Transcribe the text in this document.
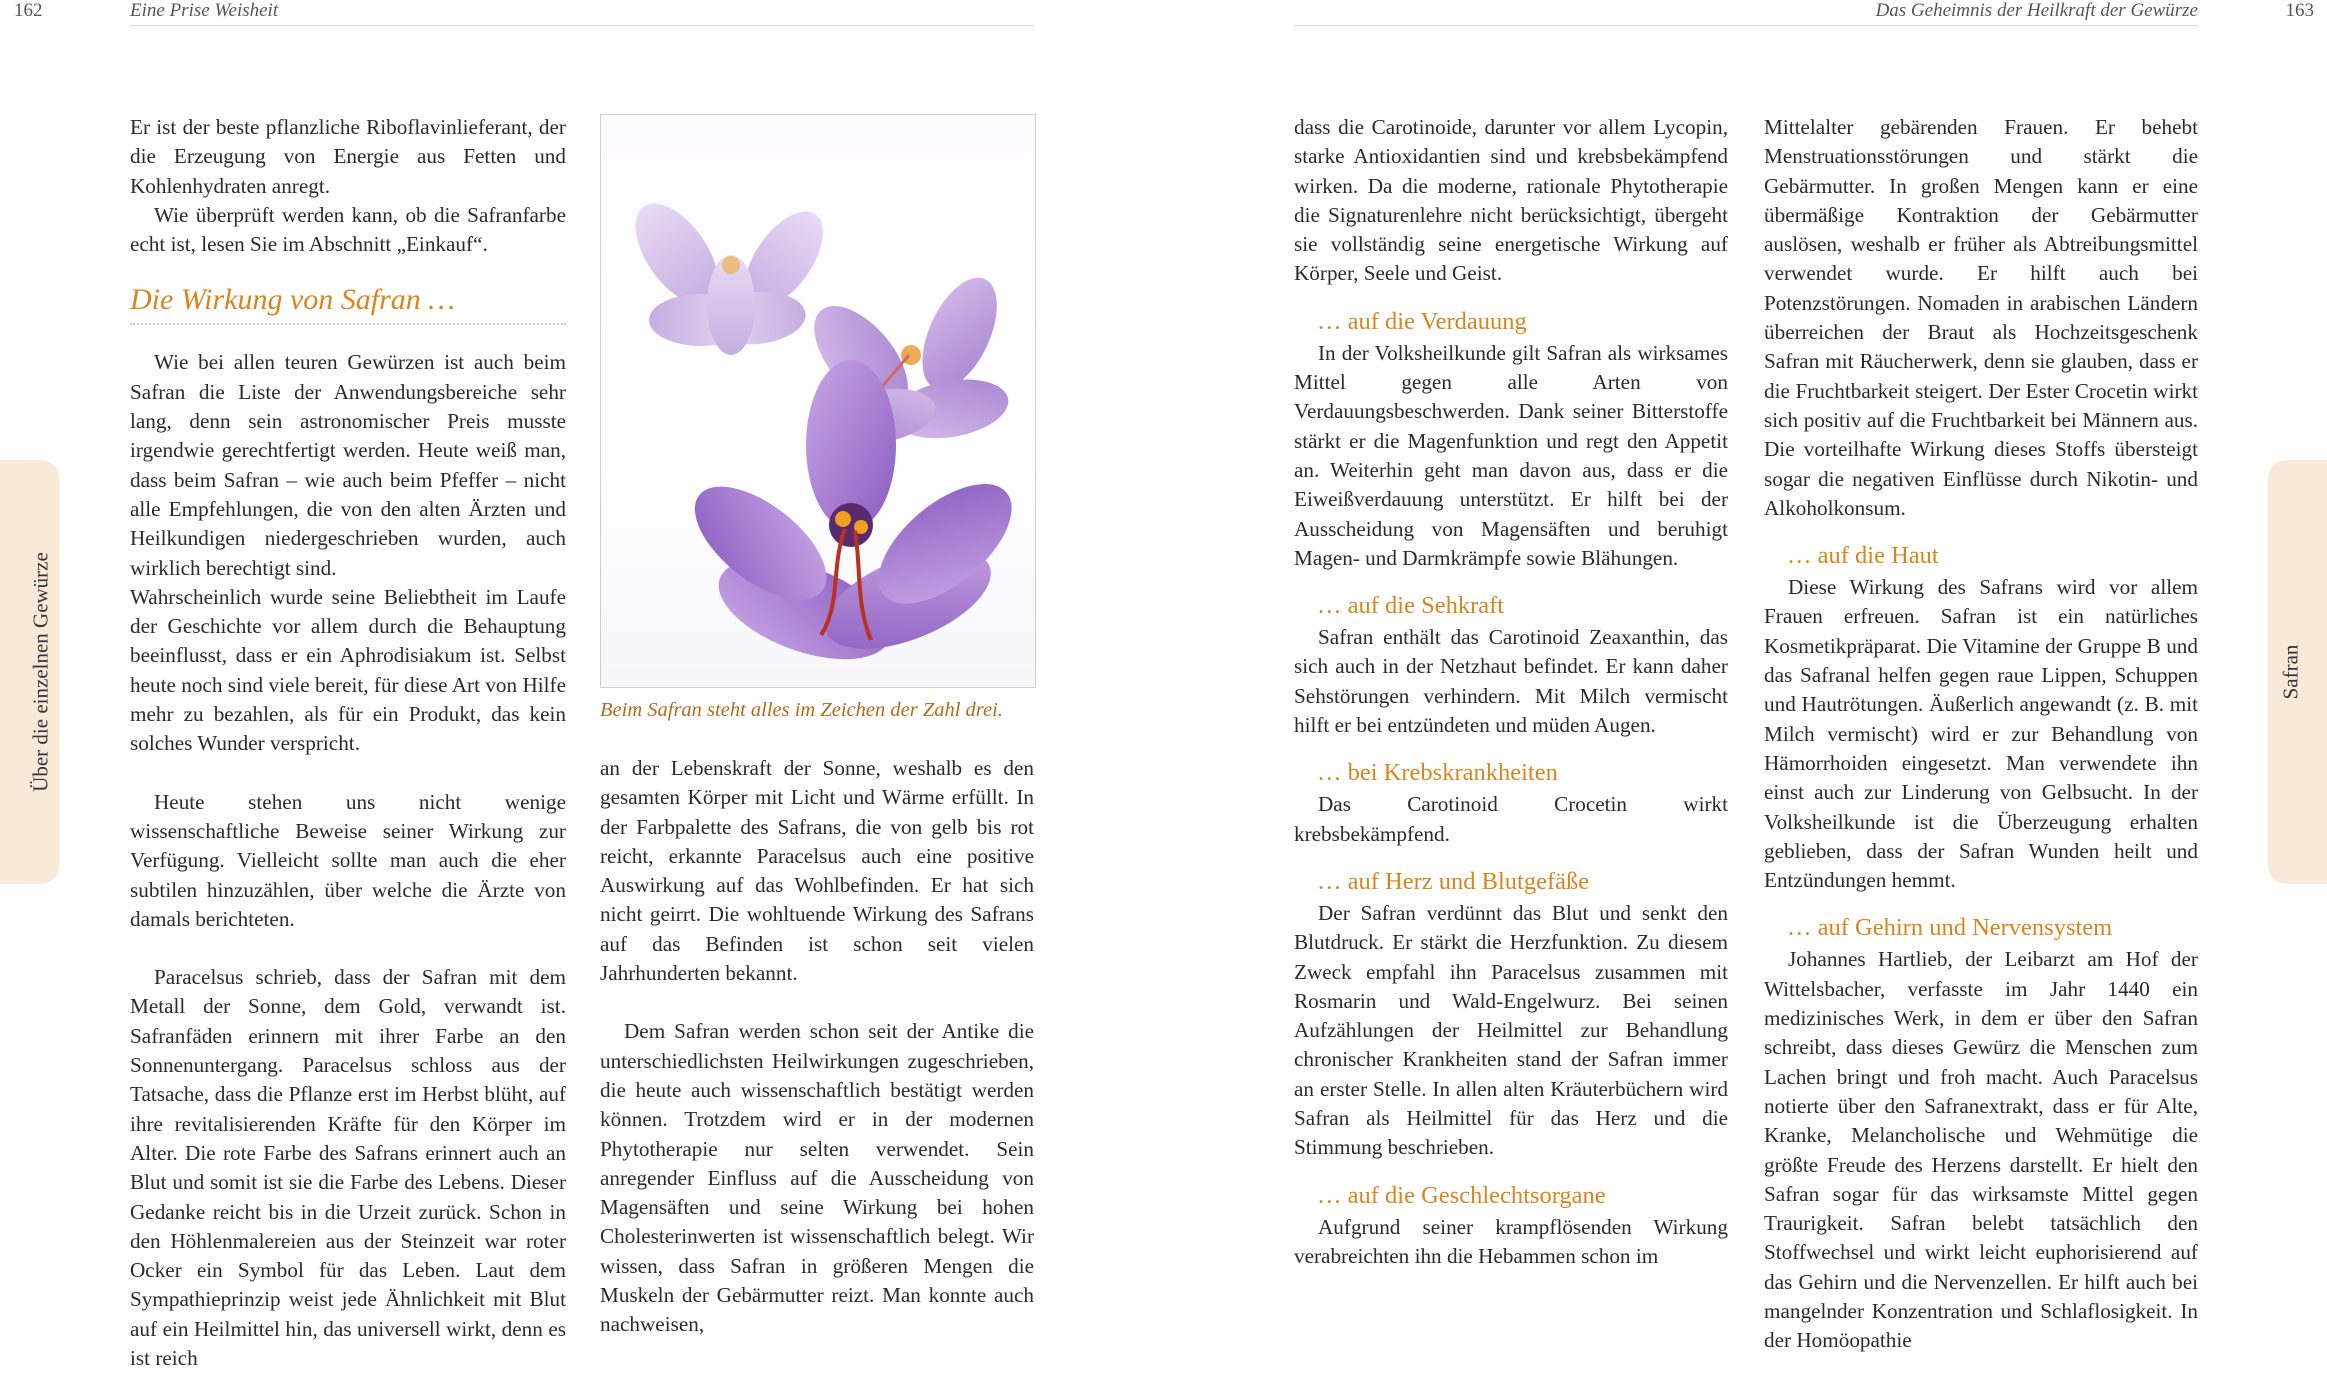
162	Eine Prise Weisheit
Über die einzelnen Gewürze

Er ist der beste pflanzliche Riboflavinlieferant, der die Erzeugung von Energie aus Fetten und Kohlenhydraten anregt.

Wie überprüft werden kann, ob die Safranfarbe echt ist, lesen Sie im Abschnitt „Einkauf“.

Die Wirkung von Safran …

Wie bei allen teuren Gewürzen ist auch beim Safran die Liste der Anwendungsbereiche sehr lang, denn sein astronomischer Preis musste irgendwie gerechtfertigt werden. Heute weiß man, dass beim Safran – wie auch beim Pfeffer – nicht alle Empfehlungen, die von den alten Ärzten und Heilkundigen niedergeschrieben wurden, auch wirklich berechtigt sind.

Wahrscheinlich wurde seine Beliebtheit im Laufe der Geschichte vor allem durch die Behauptung beeinflusst, dass er ein Aphrodisiakum ist. Selbst heute noch sind viele bereit, für diese Art von Hilfe mehr zu bezahlen, als für ein Produkt, das kein solches Wunder verspricht.

Heute stehen uns nicht wenige wissenschaftliche Beweise seiner Wirkung zur Verfügung. Vielleicht sollte man auch die eher subtilen hinzuzählen, über welche die Ärzte von damals berichteten.

Paracelsus schrieb, dass der Safran mit dem Metall der Sonne, dem Gold, verwandt ist. Safranfäden erinnern mit ihrer Farbe an den Sonnenuntergang. Paracelsus schloss aus der Tatsache, dass die Pflanze erst im Herbst blüht, auf ihre revitalisierenden Kräfte für den Körper im Alter. Die rote Farbe des Safrans erinnert auch an Blut und somit ist sie die Farbe des Lebens. Dieser Gedanke reicht bis in die Urzeit zurück. Schon in den Höhlenmalereien aus der Steinzeit war roter Ocker ein Symbol für das Leben. Laut dem Sympathieprinzip weist jede Ähnlichkeit mit Blut auf ein Heilmittel hin, das universell wirkt, denn es ist reich

Beim Safran steht alles im Zeichen der Zahl drei.

an der Lebenskraft der Sonne, weshalb es den gesamten Körper mit Licht und Wärme erfüllt. In der Farbpalette des Safrans, die von gelb bis rot reicht, erkannte Paracelsus auch eine positive Auswirkung auf das Wohlbefinden. Er hat sich nicht geirrt. Die wohltuende Wirkung des Safrans auf das Befinden ist schon seit vielen Jahrhunderten bekannt.

Dem Safran werden schon seit der Antike die unterschiedlichsten Heilwirkungen zugeschrieben, die heute auch wissenschaftlich bestätigt werden können. Trotzdem wird er in der modernen Phytotherapie nur selten verwendet. Sein anregender Einfluss auf die Ausscheidung von Magensäften und seine Wirkung bei hohen Cholesterinwerten ist wissenschaftlich belegt. Wir wissen, dass Safran in größeren Mengen die Muskeln der Gebärmutter reizt. Man konnte auch nachweisen,

Das Geheimnis der Heilkraft der Gewürze	163
Safran

dass die Carotinoide, darunter vor allem Lycopin, starke Antioxidantien sind und krebsbekämpfend wirken. Da die moderne, rationale Phytotherapie die Signaturenlehre nicht berücksichtigt, übergeht sie vollständig seine energetische Wirkung auf Körper, Seele und Geist.

… auf die Verdauung

In der Volksheilkunde gilt Safran als wirksames Mittel gegen alle Arten von Verdauungsbeschwerden. Dank seiner Bitterstoffe stärkt er die Magenfunktion und regt den Appetit an. Weiterhin geht man davon aus, dass er die Eiweißverdauung unterstützt. Er hilft bei der Ausscheidung von Magensäften und beruhigt Magen- und Darmkrämpfe sowie Blähungen.

… auf die Sehkraft

Safran enthält das Carotinoid Zeaxanthin, das sich auch in der Netzhaut befindet. Er kann daher Sehstörungen verhindern. Mit Milch vermischt hilft er bei entzündeten und müden Augen.

… bei Krebskrankheiten

Das Carotinoid Crocetin wirkt krebsbekämpfend.

… auf Herz und Blutgefäße

Der Safran verdünnt das Blut und senkt den Blutdruck. Er stärkt die Herzfunktion. Zu diesem Zweck empfahl ihn Paracelsus zusammen mit Rosmarin und Wald-Engelwurz. Bei seinen Aufzählungen der Heilmittel zur Behandlung chronischer Krankheiten stand der Safran immer an erster Stelle. In allen alten Kräuterbüchern wird Safran als Heilmittel für das Herz und die Stimmung beschrieben.

… auf die Geschlechtsorgane

Aufgrund seiner krampflösenden Wirkung verabreichten ihn die Hebammen schon im

Mittelalter gebärenden Frauen. Er behebt Menstruationsstörungen und stärkt die Gebärmutter. In großen Mengen kann er eine übermäßige Kontraktion der Gebärmutter auslösen, weshalb er früher als Abtreibungsmittel verwendet wurde. Er hilft auch bei Potenzstörungen. Nomaden in arabischen Ländern überreichen der Braut als Hochzeitsgeschenk Safran mit Räucherwerk, denn sie glauben, dass er die Fruchtbarkeit steigert. Der Ester Crocetin wirkt sich positiv auf die Fruchtbarkeit bei Männern aus. Die vorteilhafte Wirkung dieses Stoffs übersteigt sogar die negativen Einflüsse durch Nikotin- und Alkoholkonsum.

… auf die Haut

Diese Wirkung des Safrans wird vor allem Frauen erfreuen. Safran ist ein natürliches Kosmetikpräparat. Die Vitamine der Gruppe B und das Safranal helfen gegen raue Lippen, Schuppen und Hautrötungen. Äußerlich angewandt (z. B. mit Milch vermischt) wird er zur Behandlung von Hämorrhoiden eingesetzt. Man verwendete ihn einst auch zur Linderung von Gelbsucht. In der Volksheilkunde ist die Überzeugung erhalten geblieben, dass der Safran Wunden heilt und Entzündungen hemmt.

… auf Gehirn und Nervensystem

Johannes Hartlieb, der Leibarzt am Hof der Wittelsbacher, verfasste im Jahr 1440 ein medizinisches Werk, in dem er über den Safran schreibt, dass dieses Gewürz die Menschen zum Lachen bringt und froh macht. Auch Paracelsus notierte über den Safranextrakt, dass er für Alte, Kranke, Melancholische und Wehmütige die größte Freude des Herzens darstellt. Er hielt den Safran sogar für das wirksamste Mittel gegen Traurigkeit. Safran belebt tatsächlich den Stoffwechsel und wirkt leicht euphorisierend auf das Gehirn und die Nervenzellen. Er hilft auch bei mangelnder Konzentration und Schlaflosigkeit. In der Homöopathie
